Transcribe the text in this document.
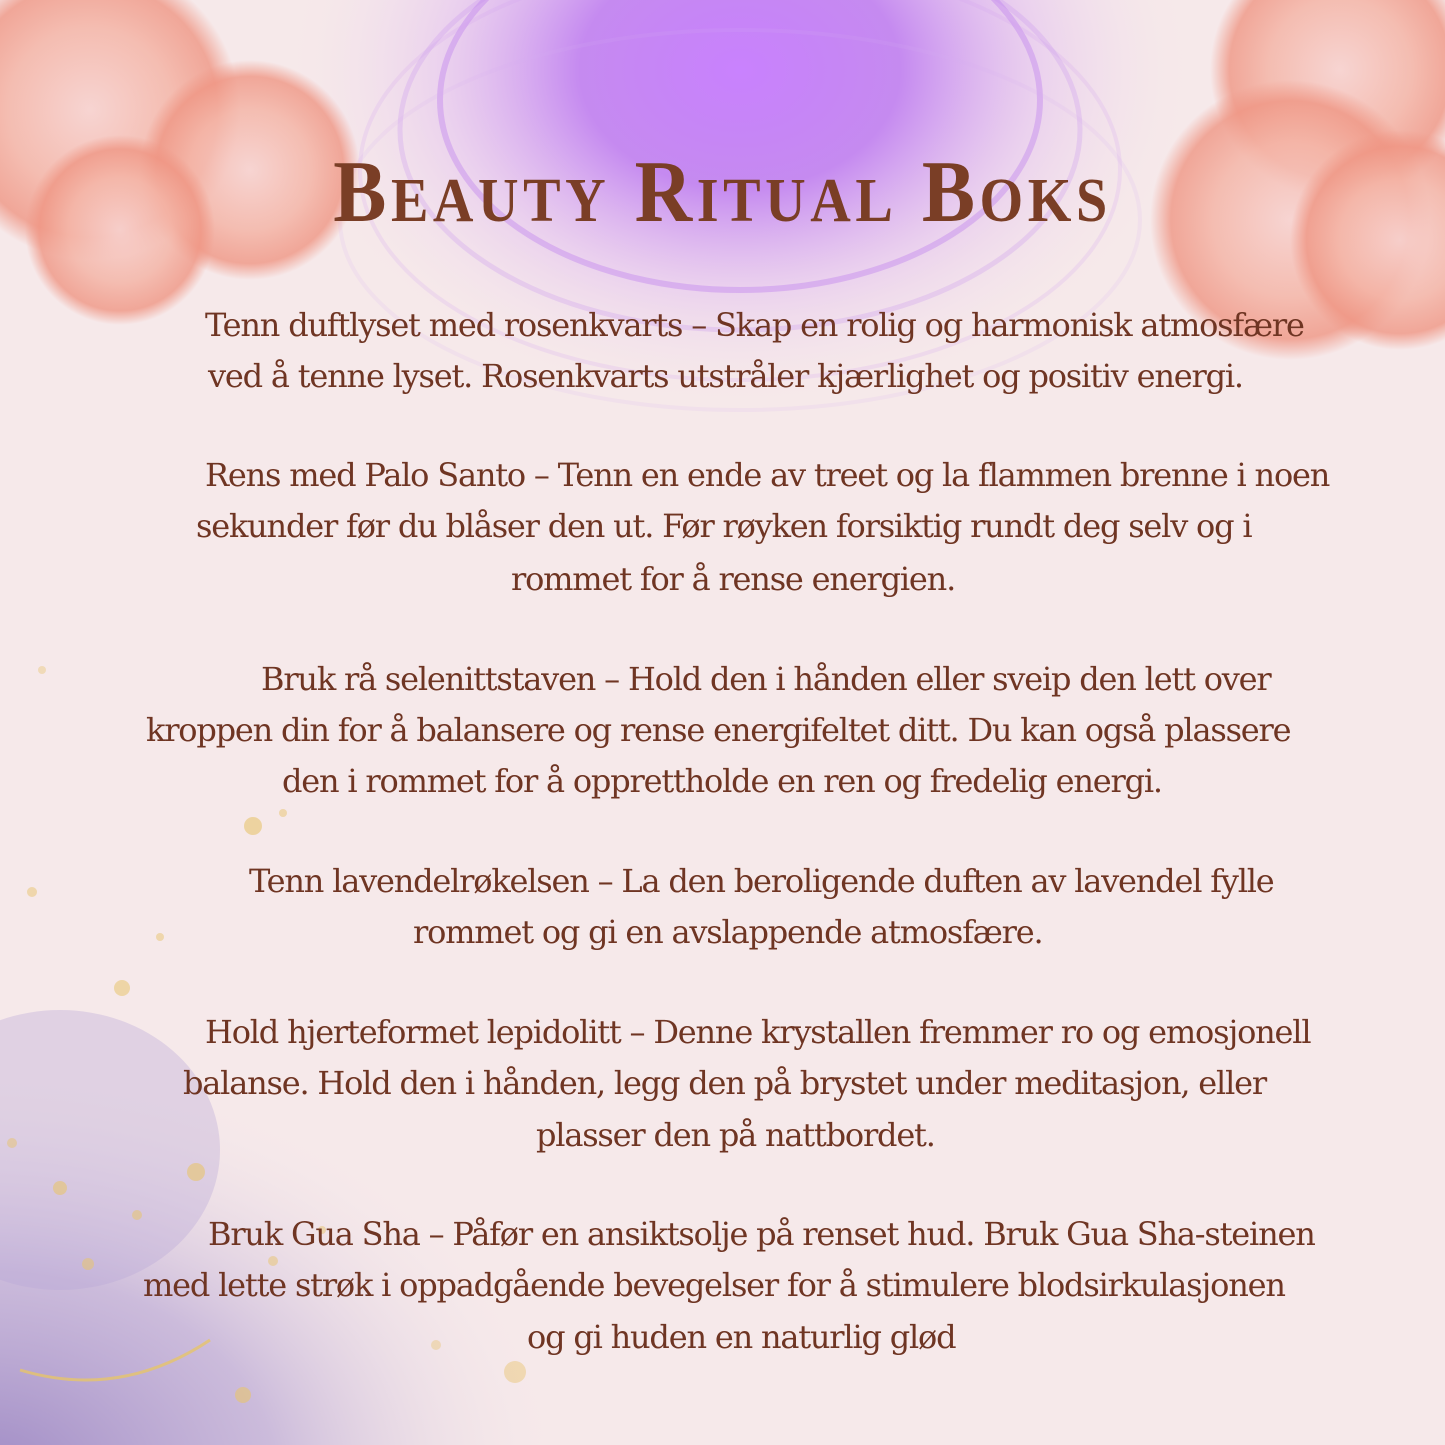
Beauty Ritual Boks
Tenn duftlyset med rosenkvarts – Skap en rolig og harmonisk atmosfære
ved å tenne lyset. Rosenkvarts utstråler kjærlighet og positiv energi.
Rens med Palo Santo – Tenn en ende av treet og la flammen brenne i noen
sekunder før du blåser den ut. Før røyken forsiktig rundt deg selv og i
rommet for å rense energien.
Bruk rå selenittstaven – Hold den i hånden eller sveip den lett over
kroppen din for å balansere og rense energifeltet ditt. Du kan også plassere
den i rommet for å opprettholde en ren og fredelig energi.
Tenn lavendelrøkelsen – La den beroligende duften av lavendel fylle
rommet og gi en avslappende atmosfære.
Hold hjerteformet lepidolitt – Denne krystallen fremmer ro og emosjonell
balanse. Hold den i hånden, legg den på brystet under meditasjon, eller
plasser den på nattbordet.
Bruk Gua Sha – Påfør en ansiktsolje på renset hud. Bruk Gua Sha-steinen
med lette strøk i oppadgående bevegelser for å stimulere blodsirkulasjonen
og gi huden en naturlig glød
